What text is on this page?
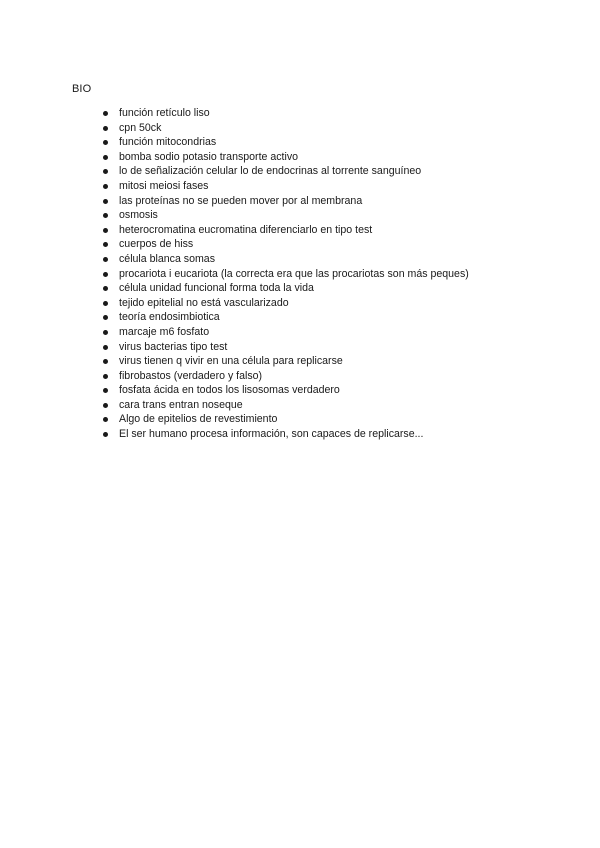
BIO
función retículo liso
cpn 50ck
función mitocondrias
bomba sodio potasio transporte activo
lo de señalización celular lo de endocrinas al torrente sanguíneo
mitosi meiosi fases
las proteínas no se pueden mover por al membrana
osmosis
heterocromatina eucromatina diferenciarlo en tipo test
cuerpos de hiss
célula blanca somas
procariota i eucariota (la correcta era que las procariotas son más peques)
célula unidad funcional forma toda la vida
tejido epitelial no está vascularizado
teoría endosimbiotica
marcaje m6 fosfato
virus bacterias tipo test
virus tienen q vivir en una célula para replicarse
fibrobastos (verdadero y falso)
fosfata ácida en todos los lisosomas verdadero
cara trans entran noseque
Algo de epitelios de revestimiento
El ser humano procesa información, son capaces de replicarse...
